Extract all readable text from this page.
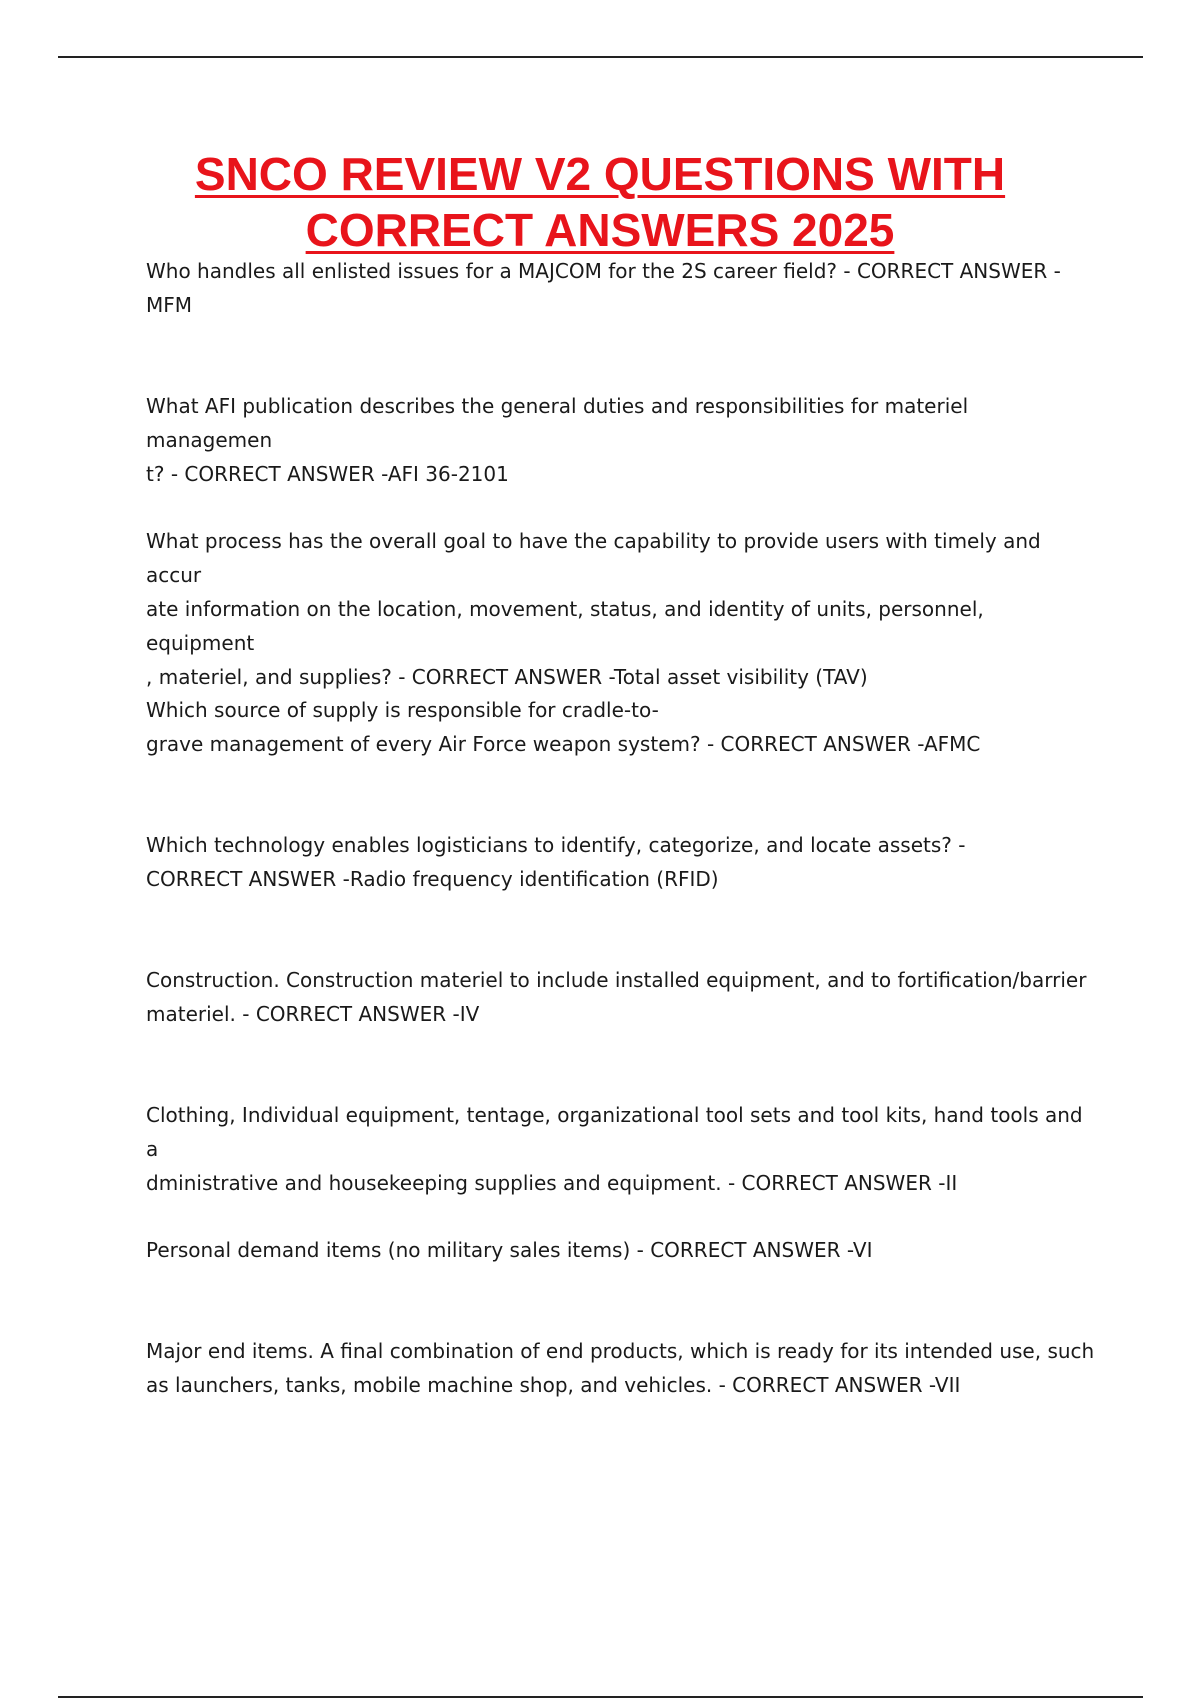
SNCO REVIEW V2 QUESTIONS WITH
CORRECT ANSWERS 2025
Who handles all enlisted issues for a MAJCOM for the 2S career field? - CORRECT ANSWER -
MFM
What AFI publication describes the general duties and responsibilities for materiel managemen
t? - CORRECT ANSWER -AFI 36-2101
What process has the overall goal to have the capability to provide users with timely and accur
ate information on the location, movement, status, and identity of units, personnel, equipment
, materiel, and supplies? - CORRECT ANSWER -Total asset visibility (TAV)
Which source of supply is responsible for cradle-to-
grave management of every Air Force weapon system? - CORRECT ANSWER -AFMC
Which technology enables logisticians to identify, categorize, and locate assets? -
CORRECT ANSWER -Radio frequency identification (RFID)
Construction. Construction materiel to include installed equipment, and to fortification/barrier
materiel. - CORRECT ANSWER -IV
Clothing, Individual equipment, tentage, organizational tool sets and tool kits, hand tools and a
dministrative and housekeeping supplies and equipment. - CORRECT ANSWER -II
Personal demand items (no military sales items) - CORRECT ANSWER -VI
Major end items. A final combination of end products, which is ready for its intended use, such
as launchers, tanks, mobile machine shop, and vehicles. - CORRECT ANSWER -VII
